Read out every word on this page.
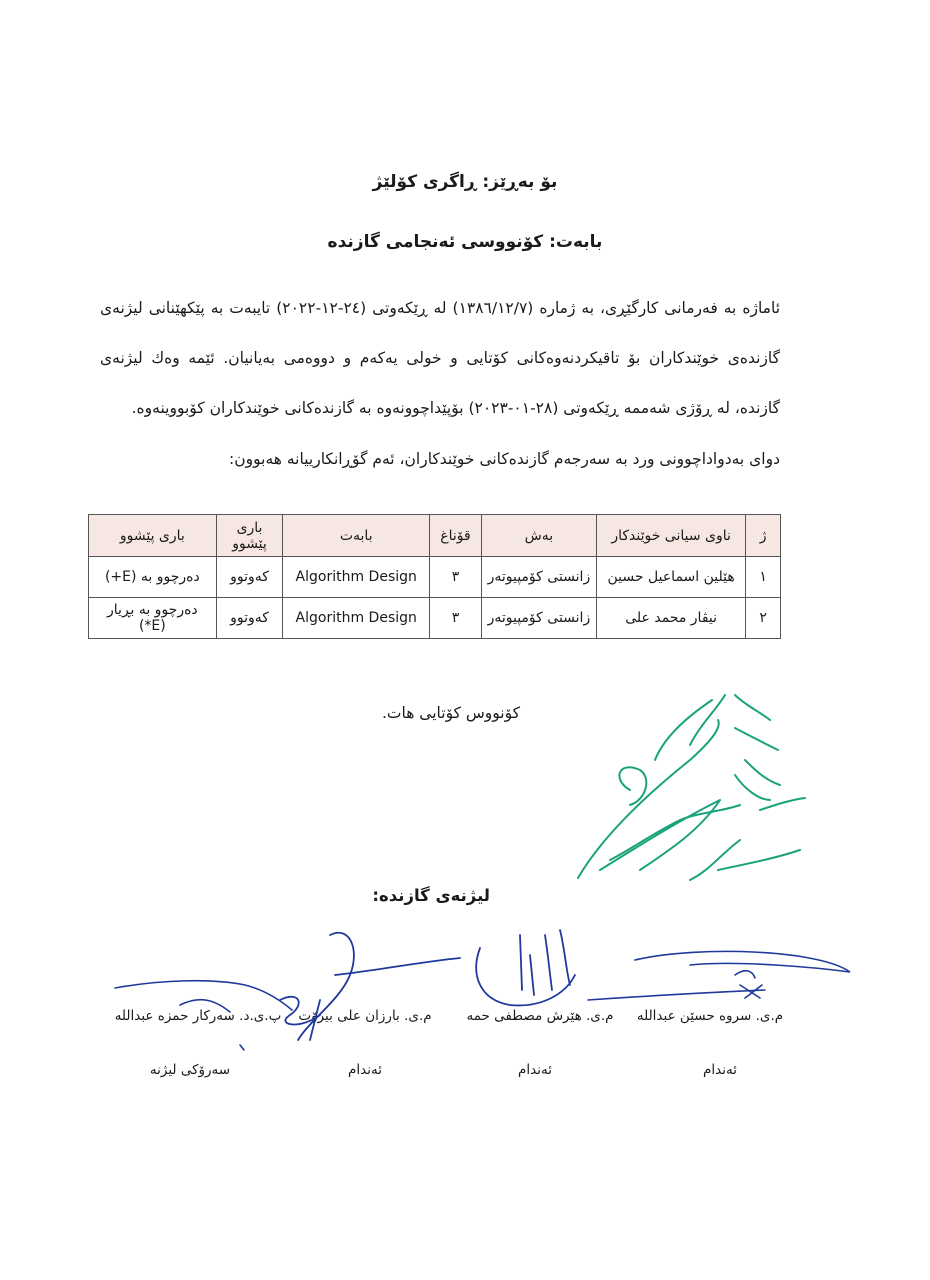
بۆ بەڕێز: ڕاگری کۆلێژ
بابەت: کۆنووسی ئەنجامی گازندە
ئاماژە بە فەرمانی کارگێڕی، بە ژمارە (١٣٨٦/١٢/٧) لە ڕێکەوتی (٢٤-١٢-٢٠٢٢) تایبەت بە پێکهێنانی لیژنەی گازندەی خوێندکاران بۆ تاقیکردنەوەکانی کۆتایی و خولی یەکەم و دووەمی بەیانیان. ئێمە وەك لیژنەی گازندە، لە ڕۆژی شەممە ڕێکەوتی (٢٨-٠١-٢٠٢٣) بۆپێداچوونەوە بە گازندەکانی خوێندکاران کۆبووینەوە.
دوای بەدواداچوونی ورد بە سەرجەم گازندەکانی خوێندکاران، ئەم گۆڕانکارییانە هەبوون:
ژ	ناوی سیانی خوێندکار	بەش	قۆناغ	بابەت	باری پێشوو	باری پێشوو
١	هێلین اسماعیل حسین	زانستی کۆمپیوتەر	٣	Algorithm Design	کەوتوو	دەرچوو بە (E+)
٢	نیڤار محمد علی	زانستی کۆمپیوتەر	٣	Algorithm Design	کەوتوو	دەرچوو بە بڕیار (E*)
کۆنووس کۆتایی هات.
لیژنەی گازندە:
م.ی. سروە حسێن عبداللە
م.ی. هێرش مصطفی حمە
م.ی. بارزان علی بیرۆت
پ.ی.د. سەرکار حمزە عبداللە
ئەندام
ئەندام
ئەندام
سەرۆکی لیژنە
